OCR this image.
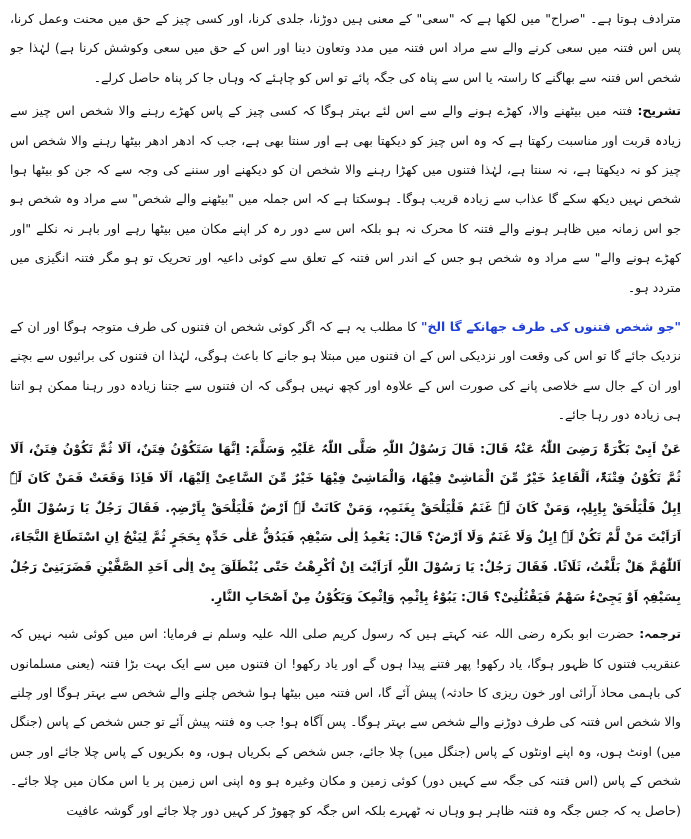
مترادف ہوتا ہے۔ "صراح" میں لکھا ہے کہ "سعی" کے معنی ہیں دوڑنا، جلدی کرنا، اور کسی چیز کے حق میں محنت وعمل کرنا، پس اس فتنہ میں سعی کرنے والے سے مراد اس فتنہ میں مدد وتعاون دینا اور اس کے حق میں سعی وکوشش کرنا ہے) لہٰذا جو شخص اس فتنہ سے بھاگنے کا راستہ یا اس سے پناہ کی جگہ پائے تو اس کو چاہئے کہ وہاں جا کر پناہ حاصل کرلے۔

تشریح: فتنہ میں بیٹھنے والا، کھڑے ہونے والے سے اس لئے بہتر ہوگا کہ کسی چیز کے پاس کھڑے رہنے والا شخص اس چیز سے زیادہ قربت اور مناسبت رکھتا ہے کہ وہ اس چیز کو دیکھتا بھی ہے اور سنتا بھی ہے، جب کہ ادھر ادھر بیٹھا رہنے والا شخص اس چیز کو نہ دیکھتا ہے، نہ سنتا ہے، لہٰذا فتنوں میں کھڑا رہنے والا شخص ان کو دیکھنے اور سننے کی وجہ سے کہ جن کو بیٹھا ہوا شخص نہیں دیکھ سکے گا عذاب سے زیادہ قریب ہوگا۔ ہوسکتا ہے کہ اس جملہ میں "بیٹھنے والے شخص" سے مراد وہ شخص ہو جو اس زمانہ میں ظاہر ہونے والے فتنہ کا محرک نہ ہو بلکہ اس سے دور رہ کر اپنے مکان میں بیٹھا رہے اور باہر نہ نکلے "اور کھڑے ہونے والے" سے مراد وہ شخص ہو جس کے اندر اس فتنہ کے تعلق سے کوئی داعیہ اور تحریک تو ہو مگر فتنہ انگیزی میں متردد ہو۔

"جو شخص فتنوں کی طرف جھانکے گا الخ" کا مطلب یہ ہے کہ اگر کوئی شخص ان فتنوں کی طرف متوجہ ہوگا اور ان کے نزدیک جائے گا تو اس کی وقعت اور نزدیکی اس کے ان فتنوں میں مبتلا ہو جانے کا باعث ہوگی، لہٰذا ان فتنوں کی برائیوں سے بچنے اور ان کے جال سے خلاصی پانے کی صورت اس کے علاوہ اور کچھ نہیں ہوگی کہ ان فتنوں سے جتنا زیادہ دور رہنا ممکن ہو اتنا ہی زیادہ دور رہا جائے۔

عَنْ اَبِیْ بَکْرَۃَ رَضِیَ اللّٰہُ عَنْہُ قَالَ: قَالَ رَسُوْلُ اللّٰہِ صَلَّی اللّٰہُ عَلَیْہِ وَسَلَّمَ: اِنَّھَا سَتَکُوْنُ فِتَنٌ، اَلَا ثُمَّ تَکُوْنُ فِتَنٌ، اَلَا ثُمَّ تَکُوْنُ فِتْنَۃٌ، اَلْقَاعِدُ خَیْرٌ مِّنَ الْمَاشِیْ فِیْھَا، وَالْمَاشِیْ فِیْھَا خَیْرٌ مِّنَ السَّاعِیْ اِلَیْھَا، اَلَا فَاِذَا وَقَعَتْ فَمَنْ کَانَ لَہٗ اِبِلٌ فَلْیَلْحَقْ بِاِبِلِہٖ، وَمَنْ کَانَ لَہٗ غَنَمٌ فَلْیَلْحَقْ بِغَنَمِہٖ، وَمَنْ کَانَتْ لَہٗ اَرْضٌ فَلْیَلْحَقْ بِاَرْضِہٖ. فَقَالَ رَجُلٌ یَا رَسُوْلَ اللّٰہِ اَرَاَیْتَ مَنْ لَّمْ تَکُنْ لَہٗ اِبِلٌ وَلَا غَنَمٌ وَلَا اَرْضٌ؟ قَالَ: یَعْمِدُ اِلٰی سَیْفِہٖ فَیَدُقُّ عَلٰی حَدِّہٖ بِحَجَرٍ ثُمَّ لِیَنْجُ اِنِ اسْتَطَاعَ النَّجَاءَ، اَللّٰھُمَّ ھَلْ بَلَّغْتُ، ثَلَاثًا. فَقَالَ رَجُلٌ: یَا رَسُوْلَ اللّٰہِ اَرَاَیْتَ اِنْ اُکْرِھْتُ حَتّٰی یُنْطَلَقَ بِیْ اِلٰی اَحَدِ الصَّفَّیْنِ فَضَرَبَنِیْ رَجُلٌ بِسَیْفِہٖ اَوْ یَجِیْءُ سَھْمٌ فَیَقْتُلُنِیْ؟ قَالَ: یَبُوْءُ بِاِثْمِہٖ وَاِثْمِکَ وَیَکُوْنُ مِنْ اَصْحَابِ النَّارِ.

ترجمہ: حضرت ابو بکرہ رضی اللہ عنہ کہتے ہیں کہ رسول کریم صلی اللہ علیہ وسلم نے فرمایا: اس میں کوئی شبہ نہیں کہ عنقریب فتنوں کا ظہور ہوگا، یاد رکھو! پھر فتنے پیدا ہوں گے اور یاد رکھو! ان فتنوں میں سے ایک بہت بڑا فتنہ (یعنی مسلمانوں کی باہمی محاذ آرائی اور خون ریزی کا حادثہ) پیش آئے گا، اس فتنہ میں بیٹھا ہوا شخص چلنے والے شخص سے بہتر ہوگا اور چلنے والا شخص اس فتنہ کی طرف دوڑنے والے شخص سے بہتر ہوگا۔ پس آگاہ ہو! جب وہ فتنہ پیش آئے تو جس شخص کے پاس (جنگل میں) اونٹ ہوں، وہ اپنے اونٹوں کے پاس (جنگل میں) چلا جائے، جس شخص کے بکریاں ہوں، وہ بکریوں کے پاس چلا جائے اور جس شخص کے پاس (اس فتنہ کی جگہ سے کہیں دور) کوئی زمین و مکان وغیرہ ہو وہ اپنی اس زمین پر یا اس مکان میں چلا جائے۔ (حاصل یہ کہ جس جگہ وہ فتنہ ظاہر ہو وہاں نہ ٹھہرے بلکہ اس جگہ کو چھوڑ کر کہیں دور چلا جائے اور گوشہ عافیت
